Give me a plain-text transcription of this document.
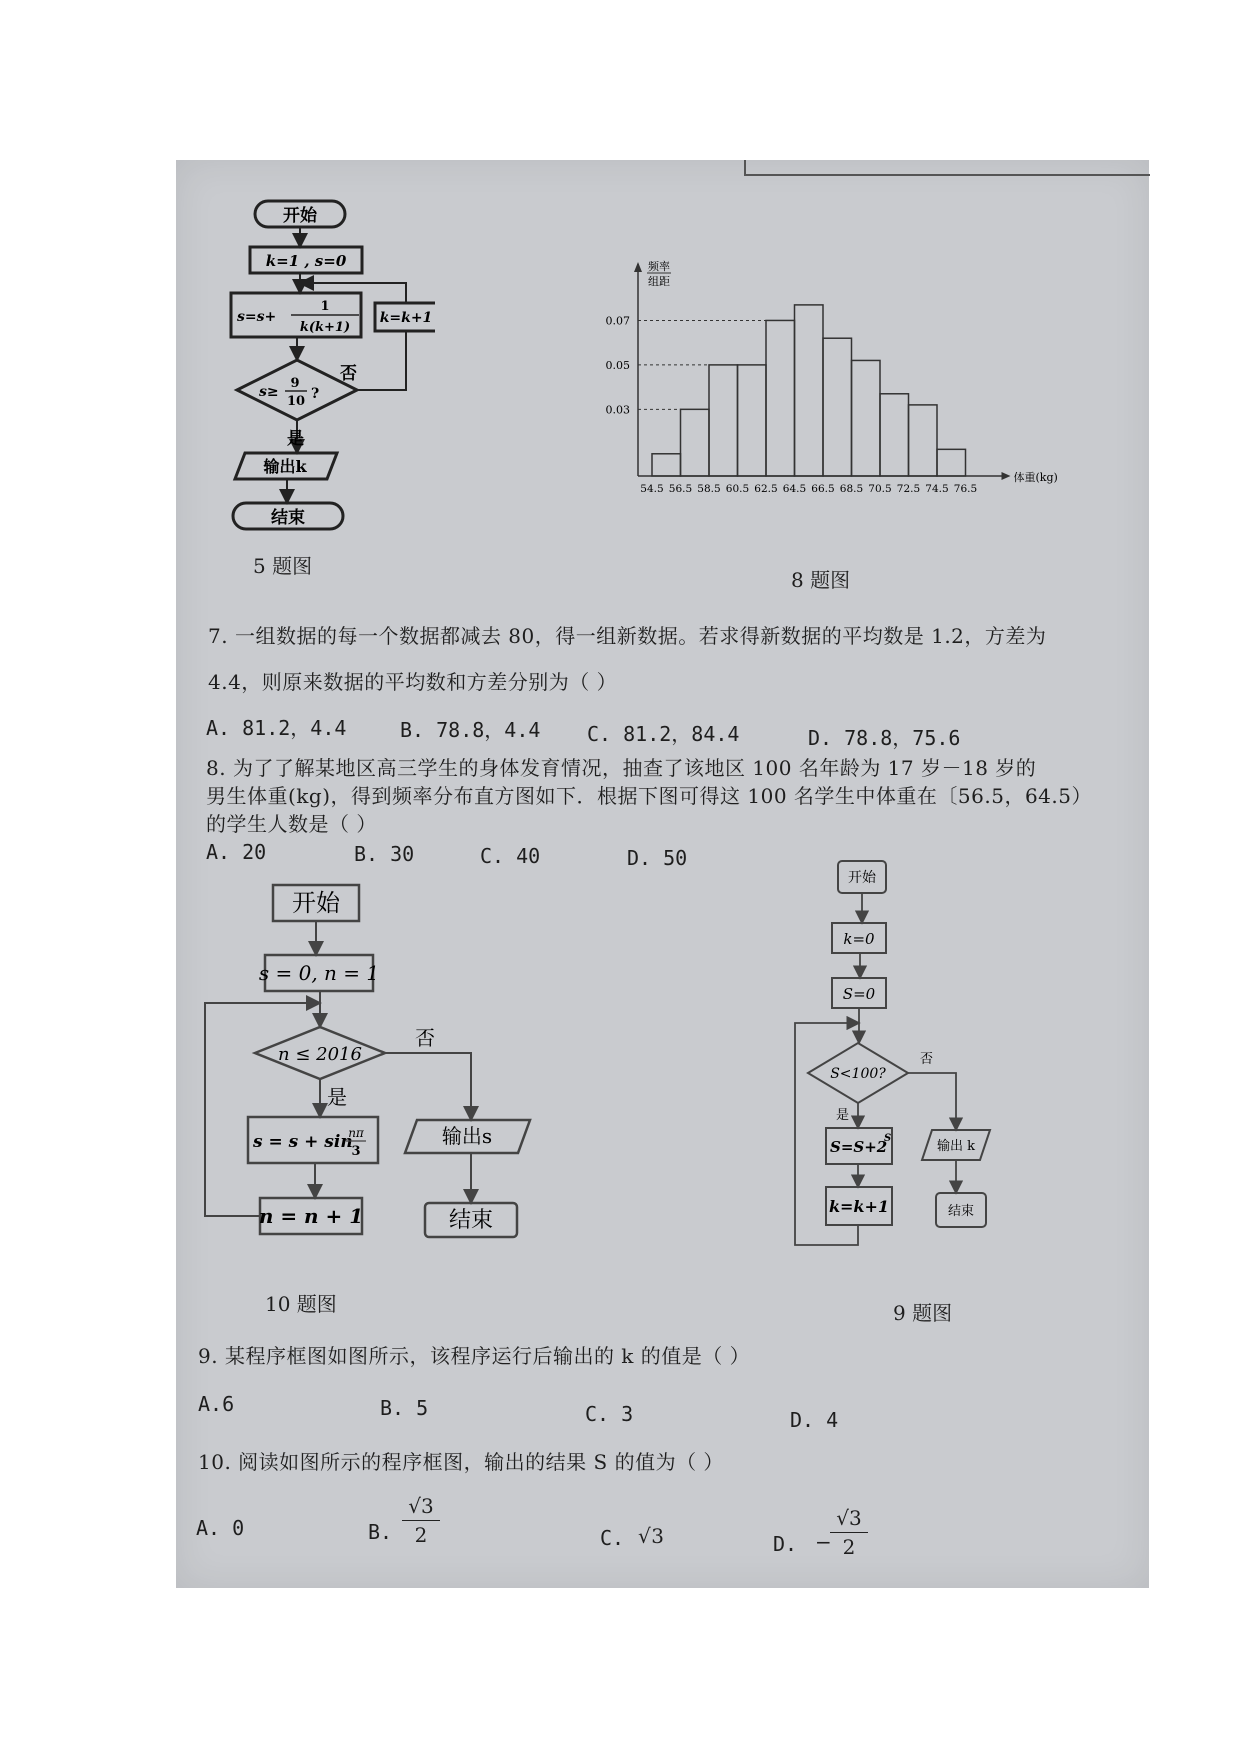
开始
k=1 , s=0
s=s+
1
k(k+1)
k=k+1
s≥
9
10 ?
否
是
输出k
结束
5 题图
频率
组距
0.07
0.05
0.03
54.5 56.5 58.5 60.5 62.5 64.5 66.5 68.5 70.5 72.5 74.5 76.5
体重(kg)
8 题图
7. 一组数据的每一个数据都减去 80，得一组新数据。若求得新数据的平均数是 1.2，方差为
4.4，则原来数据的平均数和方差分别为（ ）
A. 81.2，4.4	B. 78.8，4.4 C. 81.2，84.4	D. 78.8，75.6
8. 为了了解某地区高三学生的身体发育情况，抽查了该地区 100 名年龄为 17 岁－18 岁的
男生体重(kg)，得到频率分布直方图如下．根据下图可得这 100 名学生中体重在〔56.5，64.5）
的学生人数是（ ）
A. 20	B. 30	C. 40	D. 50
开始
s = 0, n = 1
n ≤ 2016
否
是
s = s + sin
nπ
3
输出s
n = n + 1	结束
10 题图
开始
k=0
S=0
S<100?
否
是
S=S+2
S
输出 k
k=k+1	结束
9 题图
9. 某程序框图如图所示，该程序运行后输出的 k 的值是（ ）
A.6	B. 5	C. 3	D. 4
10. 阅读如图所示的程序框图，输出的结果 S 的值为（ ）
A. 0	B. $\frac{√3}{2}$	C. √3	D. −
$\frac{√3}{2}$
